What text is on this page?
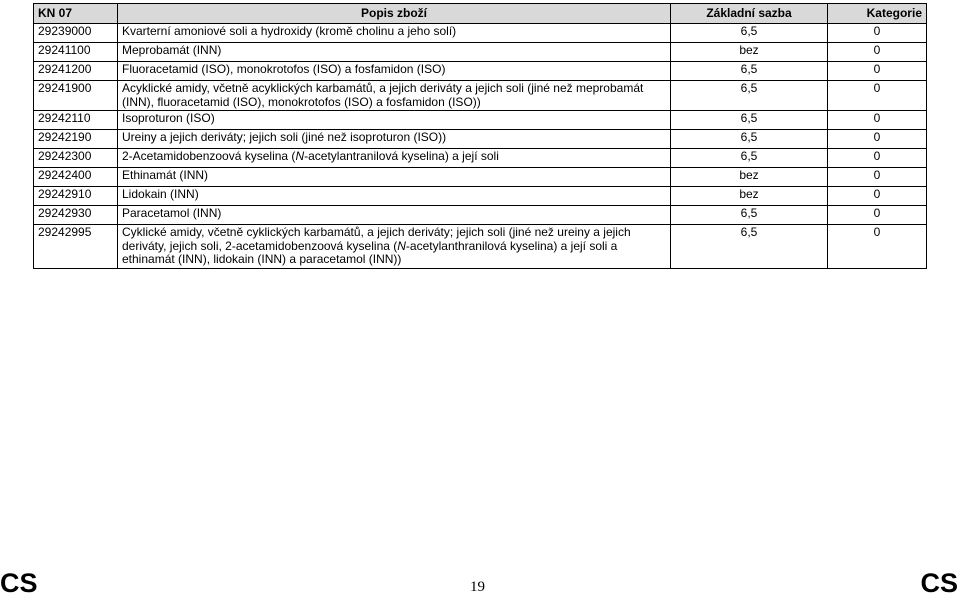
KN 07	Popis zboží	Základní sazba	Kategorie
29239000	Kvarterní amoniové soli a hydroxidy (kromě cholinu a jeho solí)	6,5	0
29241100	Meprobamát (INN)	bez	0
29241200	Fluoracetamid (ISO), monokrotofos (ISO) a fosfamidon (ISO)	6,5	0
29241900	Acyklické amidy, včetně acyklických karbamátů, a jejich deriváty a jejich soli (jiné než meprobamát (INN), fluoracetamid (ISO), monokrotofos (ISO) a fosfamidon (ISO))	6,5	0
29242110	Isoproturon (ISO)	6,5	0
29242190	Ureiny a jejich deriváty; jejich soli (jiné než isoproturon (ISO))	6,5	0
29242300	2-Acetamidobenzoová kyselina (N-acetylantranilová kyselina) a její soli	6,5	0
29242400	Ethinamát (INN)	bez	0
29242910	Lidokain (INN)	bez	0
29242930	Paracetamol (INN)	6,5	0
29242995	Cyklické amidy, včetně cyklických karbamátů, a jejich deriváty; jejich soli (jiné než ureiny a jejich deriváty, jejich soli, 2-acetamidobenzoová kyselina (N-acetylanthranilová kyselina) a její soli a ethinamát (INN), lidokain (INN) a paracetamol (INN))	6,5	0
CS	19	CS
